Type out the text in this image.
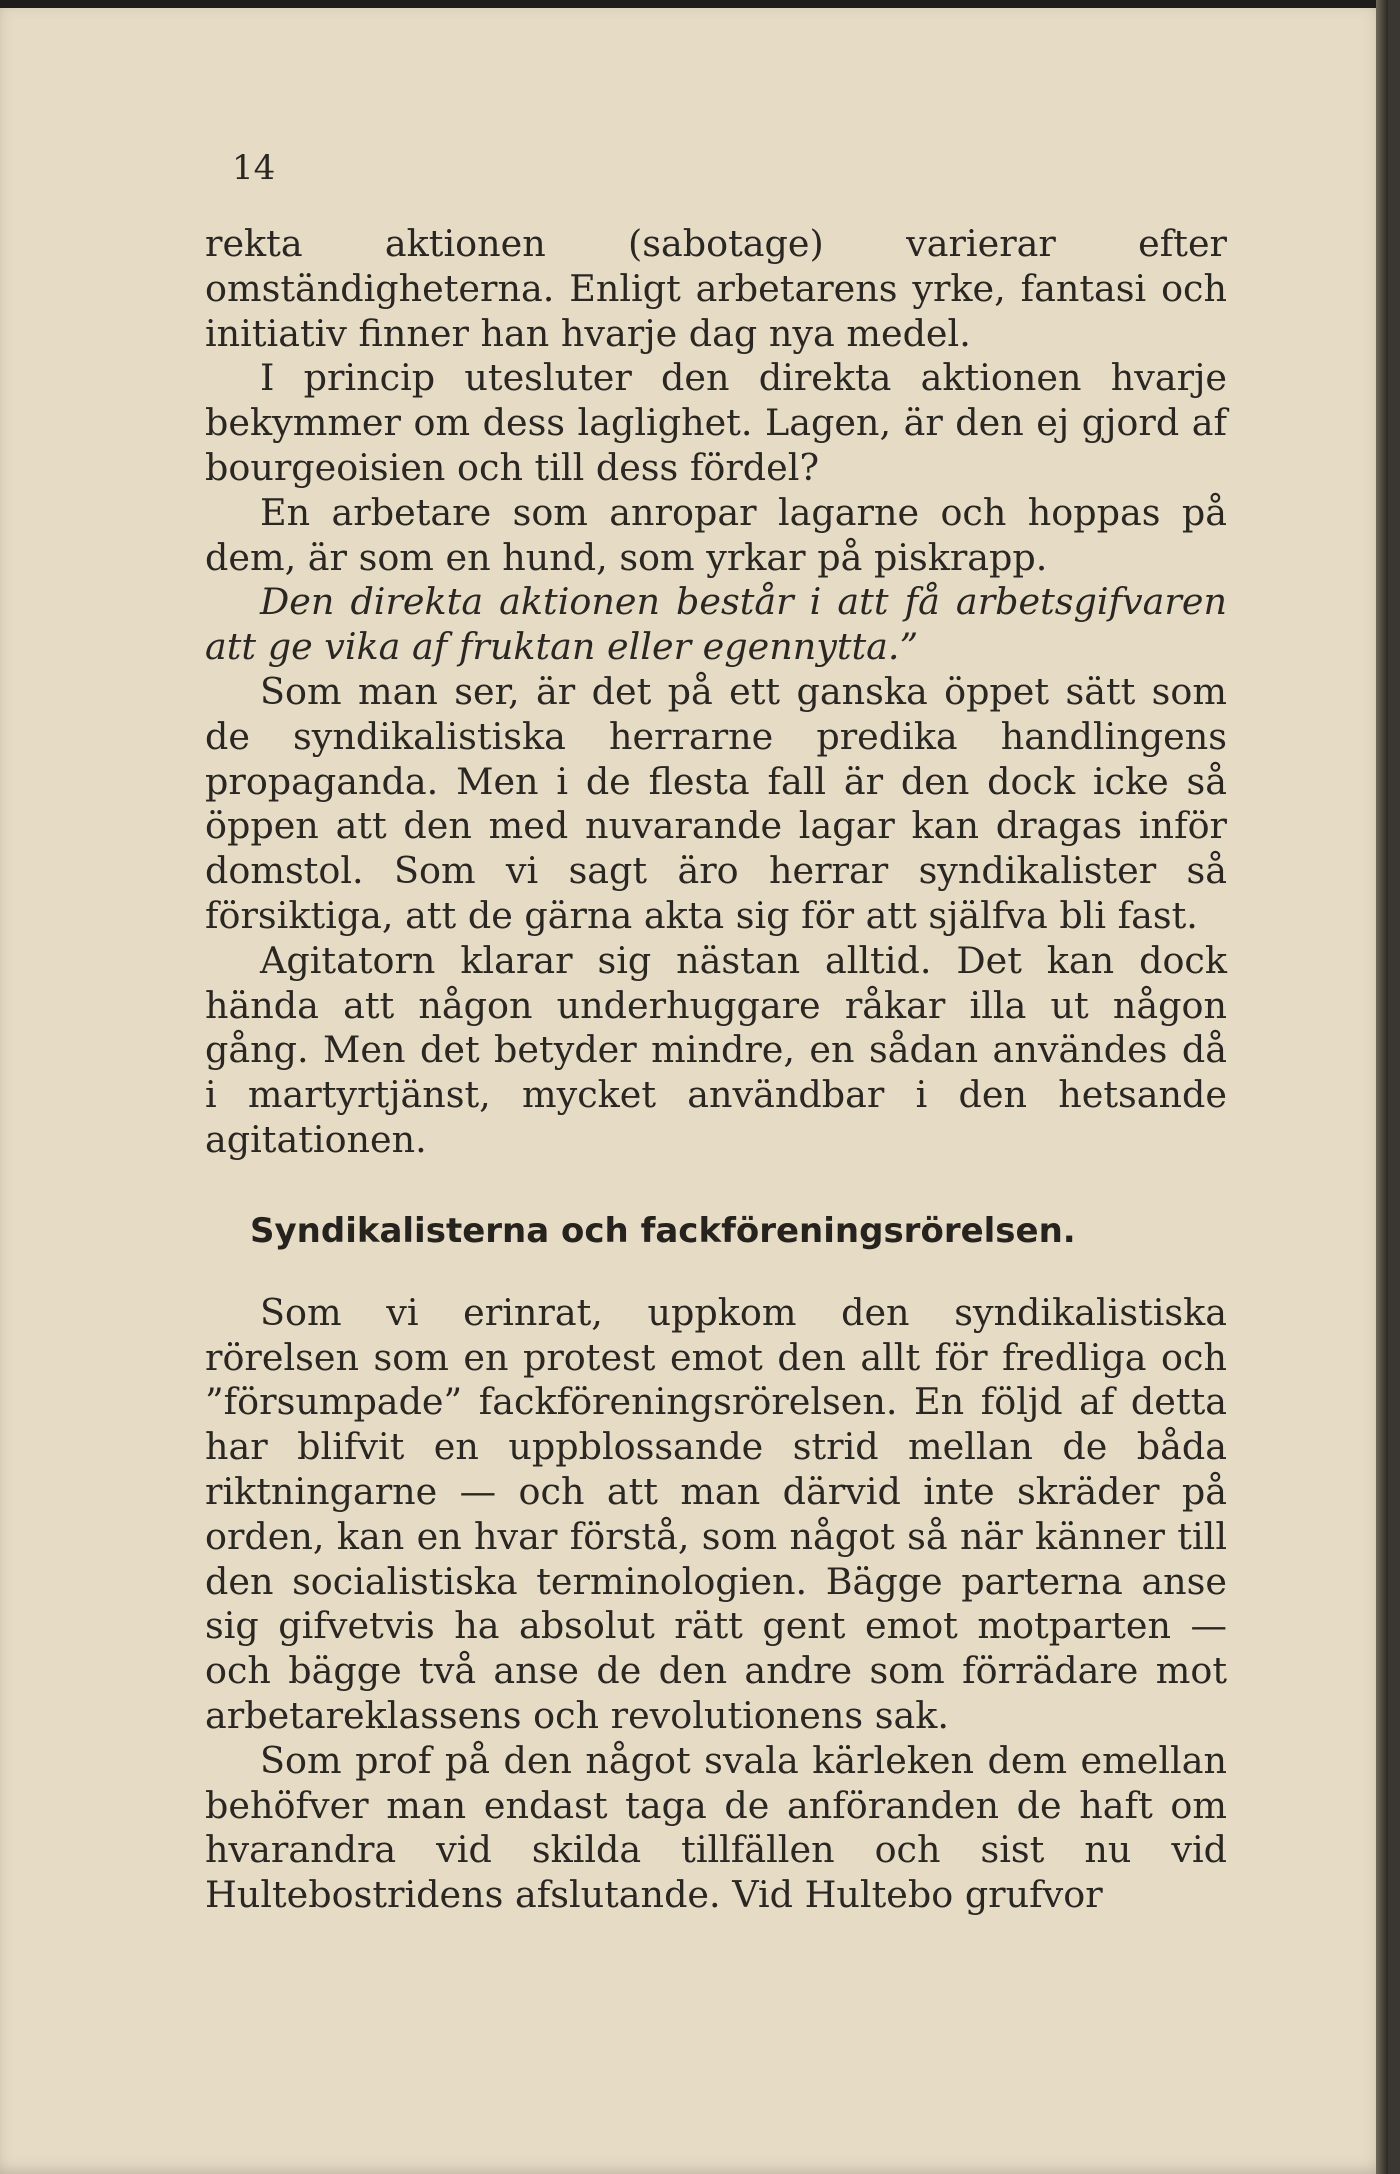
14

rekta aktionen (sabotage) varierar efter omständigheterna. Enligt arbetarens yrke, fantasi och initiativ finner han hvarje dag nya medel.

I princip utesluter den direkta aktionen hvarje bekymmer om dess laglighet. Lagen, är den ej gjord af bourgeoisien och till dess fördel?

En arbetare som anropar lagarne och hoppas på dem, är som en hund, som yrkar på piskrapp.

Den direkta aktionen består i att få arbetsgifvaren att ge vika af fruktan eller egennytta.”

Som man ser, är det på ett ganska öppet sätt som de syndikalistiska herrarne predika handlingens propaganda. Men i de flesta fall är den dock icke så öppen att den med nuvarande lagar kan dragas inför domstol. Som vi sagt äro herrar syndikalister så försiktiga, att de gärna akta sig för att själfva bli fast.

Agitatorn klarar sig nästan alltid. Det kan dock hända att någon underhuggare råkar illa ut någon gång. Men det betyder mindre, en sådan användes då i martyrtjänst, mycket användbar i den hetsande agitationen.

Syndikalisterna och fackföreningsrörelsen.

Som vi erinrat, uppkom den syndikalistiska rörelsen som en protest emot den allt för fredliga och ”försumpade” fackföreningsrörelsen. En följd af detta har blifvit en uppblossande strid mellan de båda riktningarne — och att man därvid inte skräder på orden, kan en hvar förstå, som något så när känner till den socialistiska terminologien. Bägge parterna anse sig gifvetvis ha absolut rätt gent emot motparten — och bägge två anse de den andre som förrädare mot arbetareklassens och revolutionens sak.

Som prof på den något svala kärleken dem emellan behöfver man endast taga de anföranden de haft om hvarandra vid skilda tillfällen och sist nu vid Hultebostridens afslutande. Vid Hultebo grufvor
